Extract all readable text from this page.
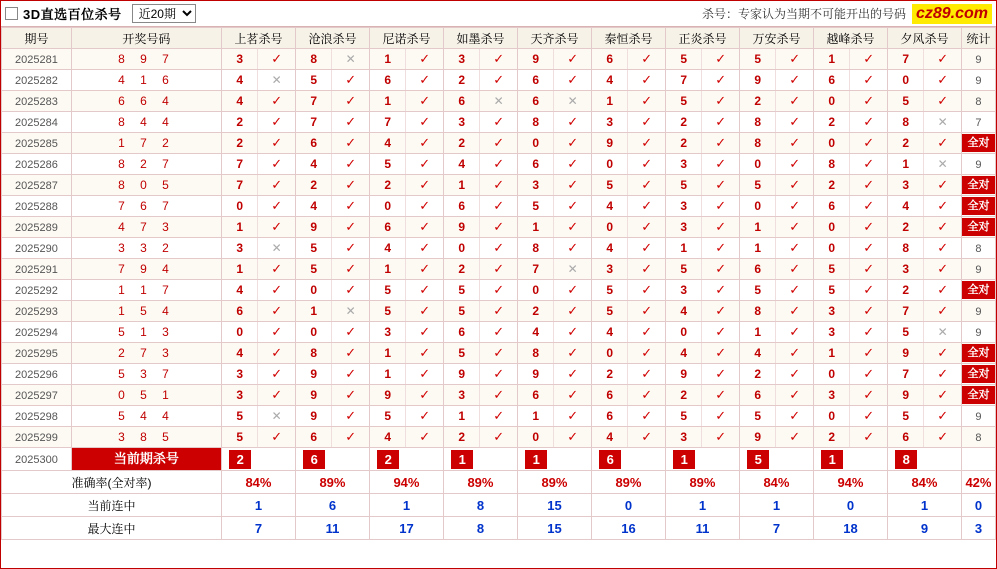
3D直选百位杀号
近20期	杀号：专家认为当期不可能开出的号码 cz89.com
期号	开奖号码	上茗杀号	沧浪杀号	尼诺杀号	如墨杀号	天齐杀号	秦恒杀号	正炎杀号	万安杀号	越峰杀号	夕风杀号	统计
2025281	8 9 7	3	✓	8	✕	1	✓	3	✓	9	✓	6	✓	5	✓	5	✓	1	✓	7	✓	9
2025282	4 1 6	4	✕	5	✓	6	✓	2	✓	6	✓	4	✓	7	✓	9	✓	6	✓	0	✓	9
2025283	6 6 4	4	✓	7	✓	1	✓	6	✕	6	✕	1	✓	5	✓	2	✓	0	✓	5	✓	8
2025284	8 4 4	2	✓	7	✓	7	✓	3	✓	8	✓	3	✓	2	✓	8	✓	2	✓	8	✕	7
2025285	1 7 2	2	✓	6	✓	4	✓	2	✓	0	✓	9	✓	2	✓	8	✓	0	✓	2	✓	全对

2025286	8 2 7	7	✓	4	✓	5	✓	4	✓	6	✓	0	✓	3	✓	0	✓	8	✓	1	✕	9
2025287	8 0 5	7	✓	2	✓	2	✓	1	✓	3	✓	5	✓	5	✓	5	✓	2	✓	3	✓	全对

2025288	7 6 7	0	✓	4	✓	0	✓	6	✓	5	✓	4	✓	3	✓	0	✓	6	✓	4	✓	全对

2025289	4 7 3	1	✓	9	✓	6	✓	9	✓	1	✓	0	✓	3	✓	1	✓	0	✓	2	✓	全对

2025290	3 3 2	3	✕	5	✓	4	✓	0	✓	8	✓	4	✓	1	✓	1	✓	0	✓	8	✓	8
2025291	7 9 4	1	✓	5	✓	1	✓	2	✓	7	✕	3	✓	5	✓	6	✓	5	✓	3	✓	9
2025292	1 1 7	4	✓	0	✓	5	✓	5	✓	0	✓	5	✓	3	✓	5	✓	5	✓	2	✓	全对

2025293	1 5 4	6	✓	1	✕	5	✓	5	✓	2	✓	5	✓	4	✓	8	✓	3	✓	7	✓	9
2025294	5 1 3	0	✓	0	✓	3	✓	6	✓	4	✓	4	✓	0	✓	1	✓	3	✓	5	✕	9
2025295	2 7 3	4	✓	8	✓	1	✓	5	✓	8	✓	0	✓	4	✓	4	✓	1	✓	9	✓	全对

2025296	5 3 7	3	✓	9	✓	1	✓	9	✓	9	✓	2	✓	9	✓	2	✓	0	✓	7	✓	全对

2025297	0 5 1	3	✓	9	✓	9	✓	3	✓	6	✓	6	✓	2	✓	6	✓	3	✓	9	✓	全对

2025298	5 4 4	5	✕	9	✓	5	✓	1	✓	1	✓	6	✓	5	✓	5	✓	0	✓	5	✓	9
2025299	3 8 5	5	✓	6	✓	4	✓	2	✓	0	✓	4	✓	3	✓	9	✓	2	✓	6	✓	8
2025300	当前期杀号	2	6	2	1	1	6	1	5	1	8	

准确率(全对率)		84%	89%	94%	89%	89%	89%	89%	84%	94%	84%	42%
当前连中		1	6	1	8	15	0	1	1	0	1	0
最大连中		7	11	17	8	15	16	11	7	18	9	3
